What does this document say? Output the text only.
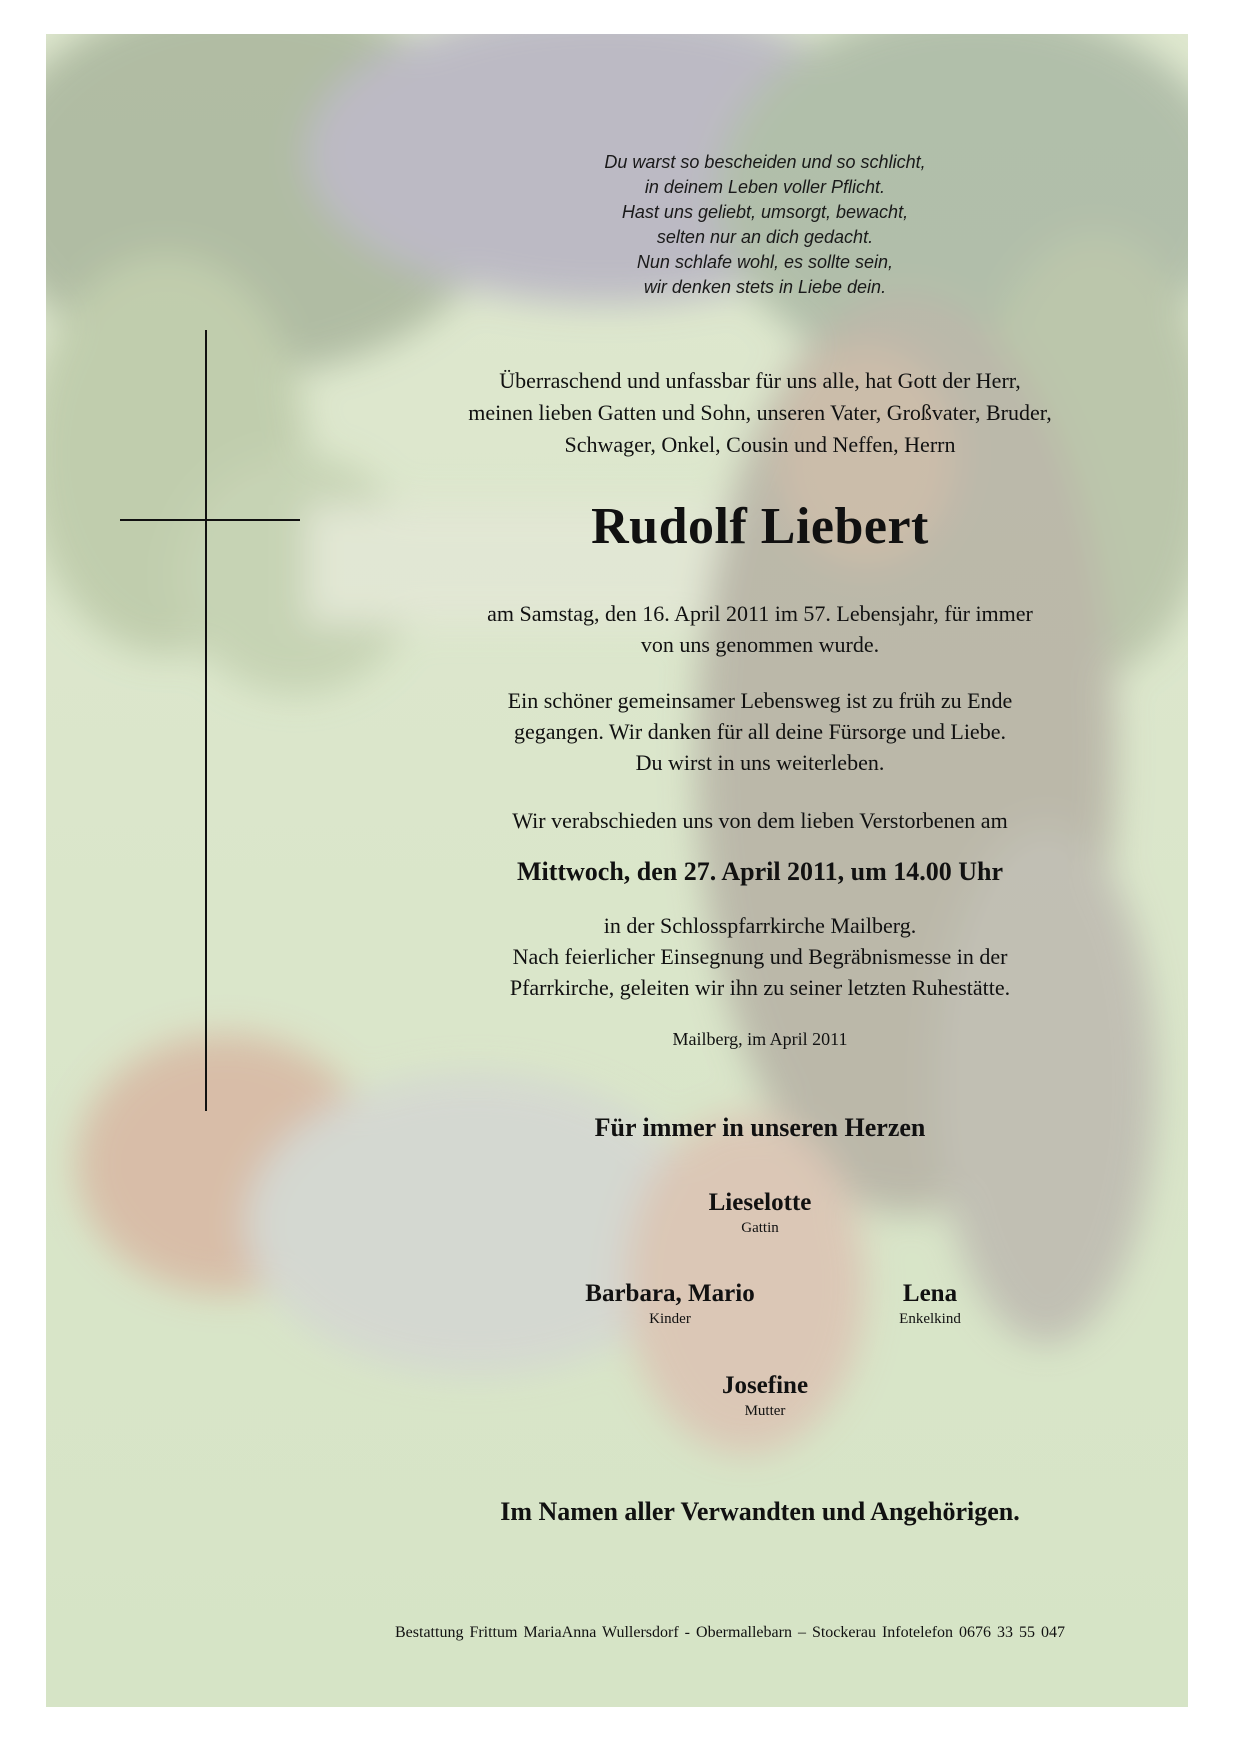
Du warst so bescheiden und so schlicht,
in deinem Leben voller Pflicht.
Hast uns geliebt, umsorgt, bewacht,
selten nur an dich gedacht.
Nun schlafe wohl, es sollte sein,
wir denken stets in Liebe dein.
Überraschend und unfassbar für uns alle, hat Gott der Herr,
meinen lieben Gatten und Sohn, unseren Vater, Großvater, Bruder,
Schwager, Onkel, Cousin und Neffen, Herrn
Rudolf Liebert
am Samstag, den 16. April 2011 im 57. Lebensjahr, für immer
von uns genommen wurde.
Ein schöner gemeinsamer Lebensweg ist zu früh zu Ende
gegangen. Wir danken für all deine Fürsorge und Liebe.
Du wirst in uns weiterleben.
Wir verabschieden uns von dem lieben Verstorbenen am
Mittwoch, den 27. April 2011, um 14.00 Uhr
in der Schlosspfarrkirche Mailberg.
Nach feierlicher Einsegnung und Begräbnismesse in der
Pfarrkirche, geleiten wir ihn zu seiner letzten Ruhestätte.
Mailberg, im April 2011
Für immer in unseren Herzen
Lieselotte
Gattin
Barbara, Mario
Kinder
Lena
Enkelkind
Josefine
Mutter
Im Namen aller Verwandten und Angehörigen.
Bestattung Frittum MariaAnna Wullersdorf - Obermallebarn – Stockerau Infotelefon 0676 33 55 047
